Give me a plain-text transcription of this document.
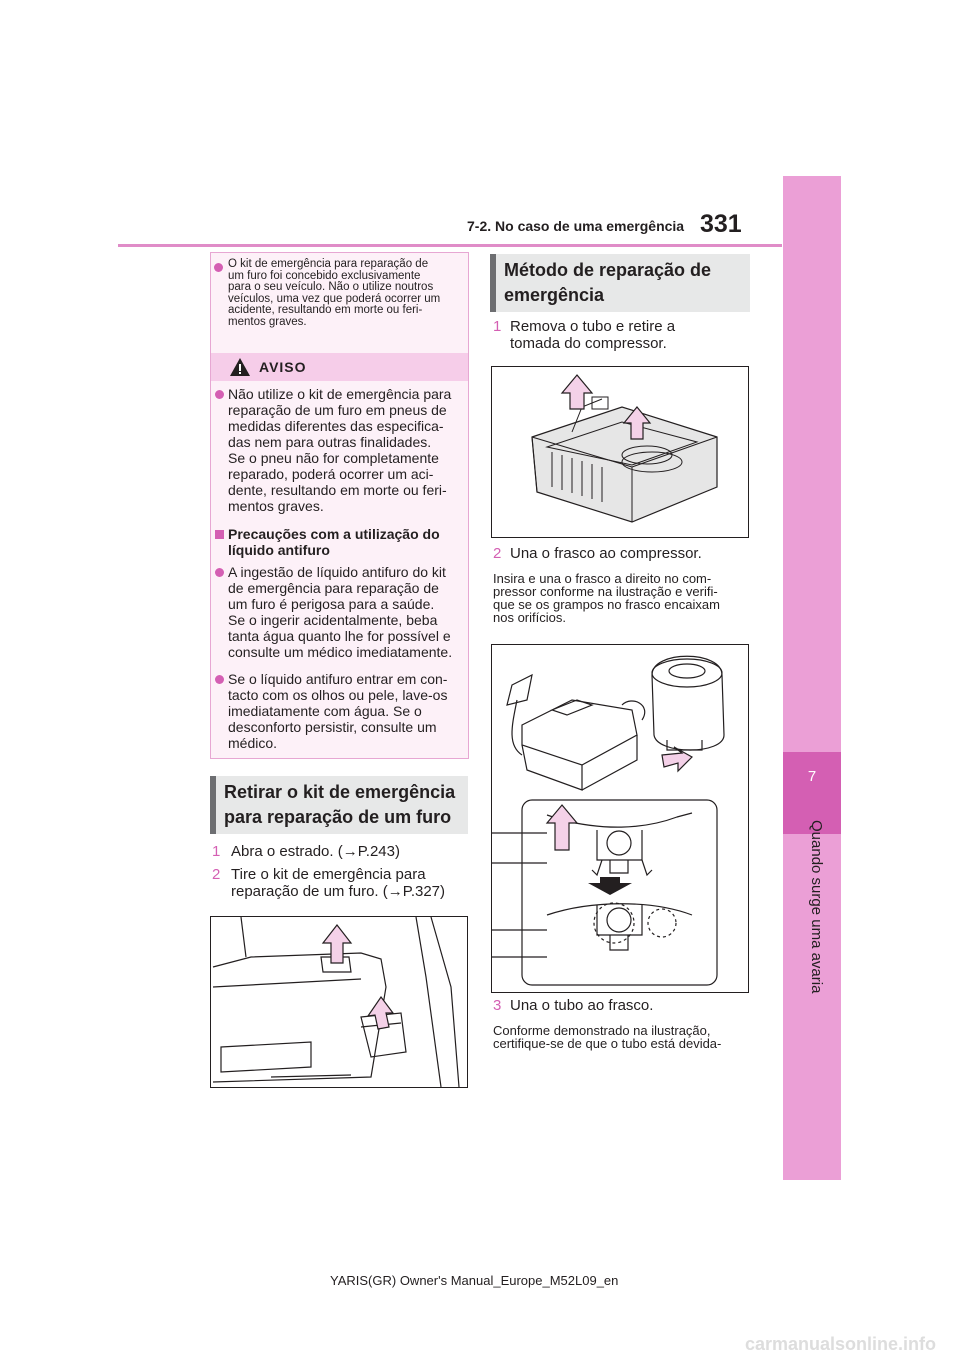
7-2. No caso de uma emergência 331
7
Quando surge uma avaria
O kit de emergência para reparação de
um furo foi concebido exclusivamente
para o seu veículo. Não o utilize noutros
veículos, uma vez que poderá ocorrer um
acidente, resultando em morte ou feri-
mentos graves.
AVISO
Não utilize o kit de emergência para
reparação de um furo em pneus de
medidas diferentes das especifica-
das nem para outras finalidades.
Se o pneu não for completamente
reparado, poderá ocorrer um aci-
dente, resultando em morte ou feri-
mentos graves.
Precauções com a utilização do
líquido antifuro
A ingestão de líquido antifuro do kit
de emergência para reparação de
um furo é perigosa para a saúde.
Se o ingerir acidentalmente, beba
tanta água quanto lhe for possível e
consulte um médico imediatamente.
Se o líquido antifuro entrar em con-
tacto com os olhos ou pele, lave-os
imediatamente com água. Se o
desconforto persistir, consulte um
médico.
Retirar o kit de emergência
para reparação de um furo
1 Abra o estrado. (→P.243)
2 Tire o kit de emergência para
reparação de um furo. (→P.327)
Método de reparação de
emergência
1 Remova o tubo e retire a
tomada do compressor.
2 Una o frasco ao compressor.
Insira e una o frasco a direito no com-
pressor conforme na ilustração e verifi-
que se os grampos no frasco encaixam
nos orifícios.
3 Una o tubo ao frasco.
Conforme demonstrado na ilustração,
certifique-se de que o tubo está devida-
YARIS(GR) Owner's Manual_Europe_M52L09_en
carmanualsonline.info
